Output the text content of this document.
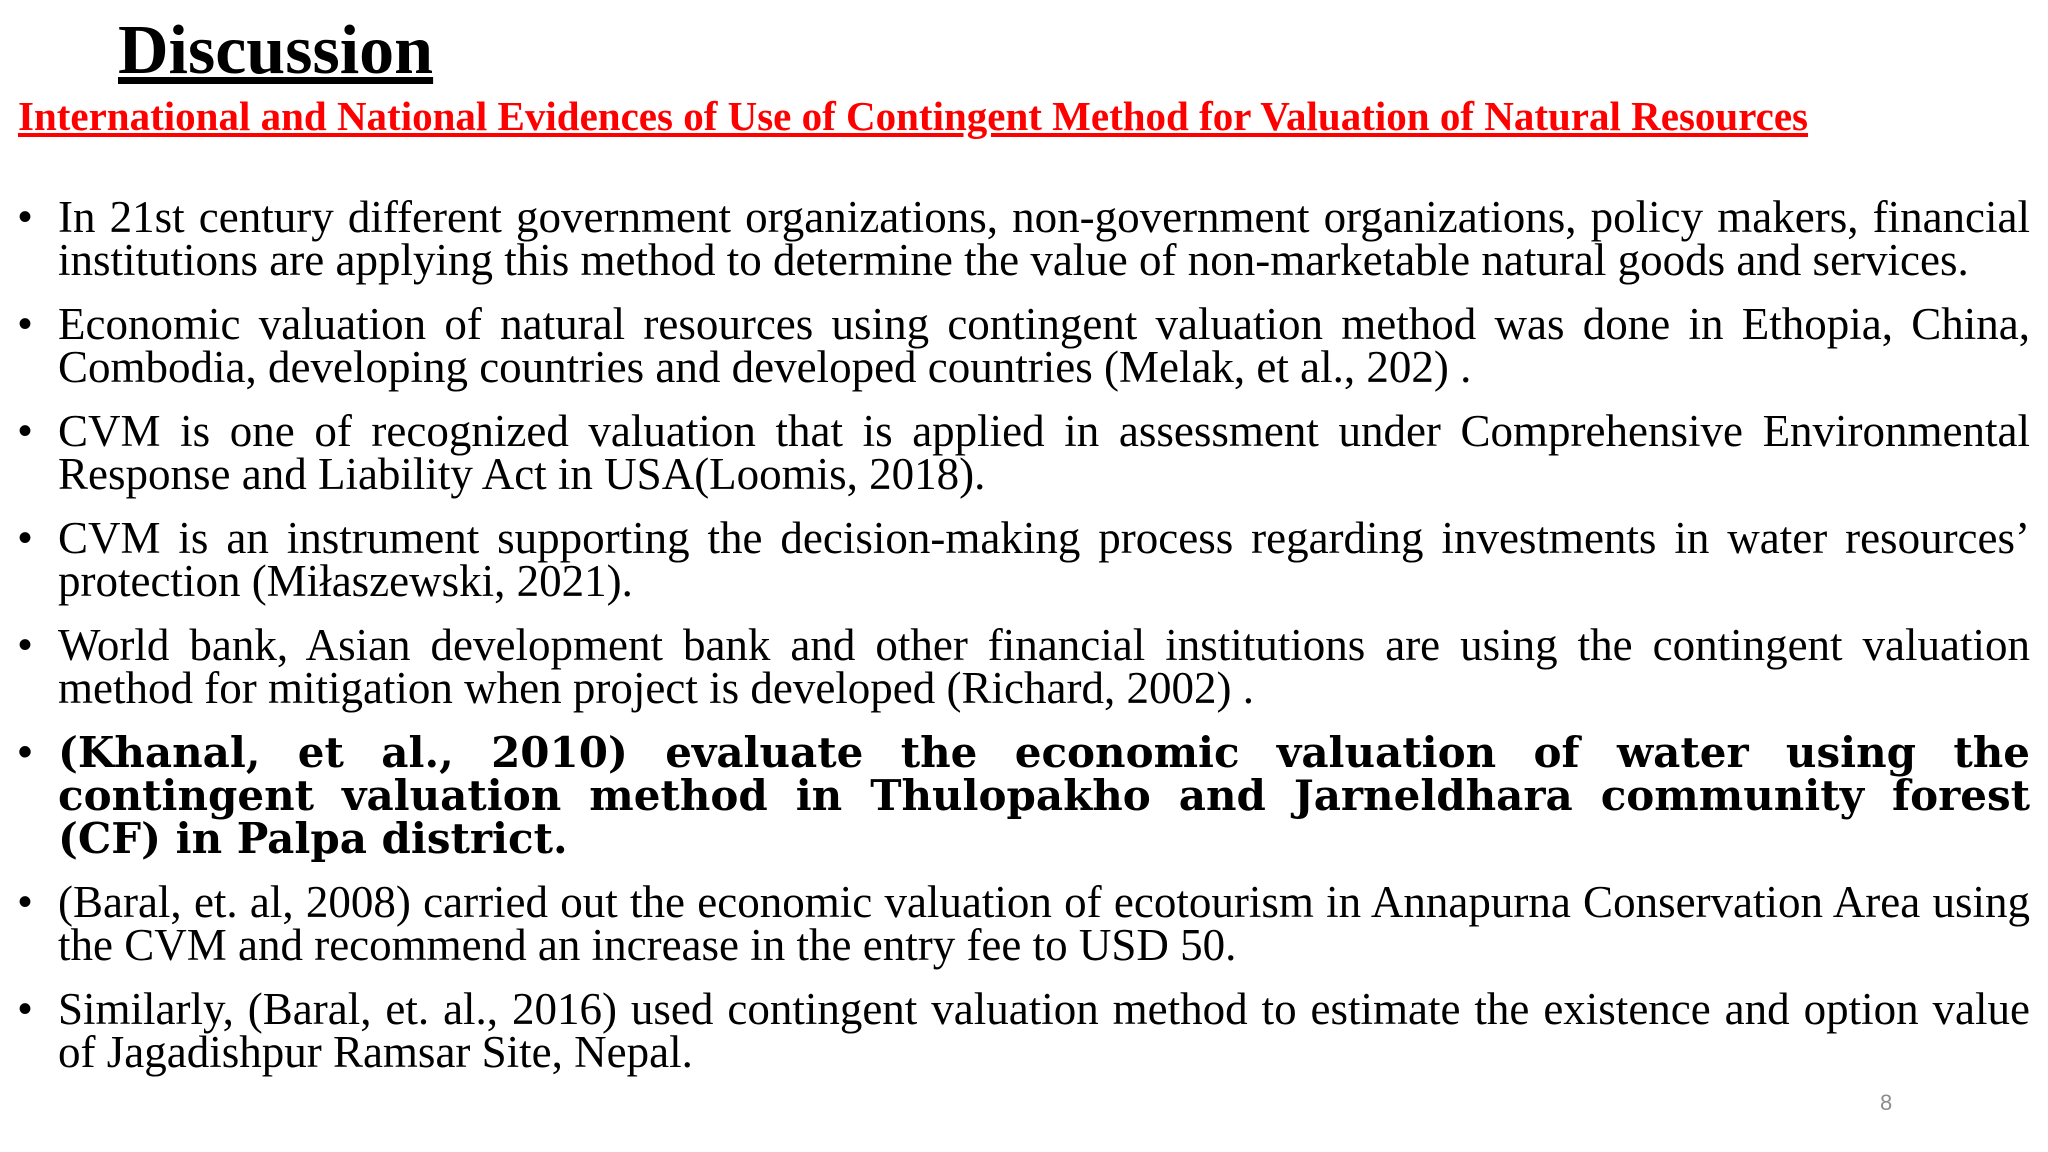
Discussion
International and National Evidences of Use of Contingent Method for Valuation of Natural Resources
• In 21st century different government organizations, non-government organizations, policy makers, financial institutions are applying this method to determine the value of non-marketable natural goods and services.
• Economic valuation of natural resources using contingent valuation method was done in Ethopia, China, Combodia, developing countries and developed countries (Melak, et al., 202) .
• CVM is one of recognized valuation that is applied in assessment under Comprehensive Environmental Response and Liability Act in USA(Loomis, 2018).
• CVM is an instrument supporting the decision-making process regarding investments in water resources’ protection (Miłaszewski, 2021).
• World bank, Asian development bank and other financial institutions are using the contingent valuation method for mitigation when project is developed (Richard, 2002) .
• (Khanal, et al., 2010) evaluate the economic valuation of water using the contingent valuation method in Thulopakho and Jarneldhara community forest (CF) in Palpa district.
• (Baral, et. al, 2008) carried out the economic valuation of ecotourism in Annapurna Conservation Area using the CVM and recommend an increase in the entry fee to USD 50.
• Similarly, (Baral, et. al., 2016) used contingent valuation method to estimate the existence and option value of Jagadishpur Ramsar Site, Nepal.
8
